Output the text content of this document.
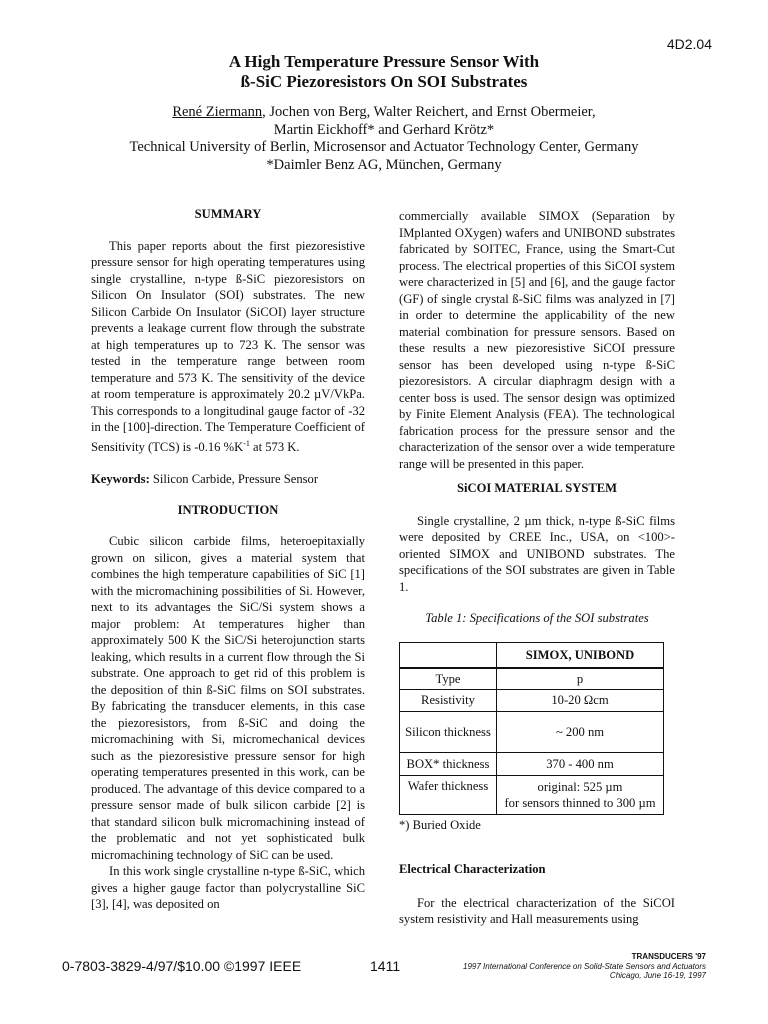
4D2.04
A High Temperature Pressure Sensor With
ß-SiC Piezoresistors On SOI Substrates
René Ziermann, Jochen von Berg, Walter Reichert, and Ernst Obermeier,
Martin Eickhoff* and Gerhard Krötz*
Technical University of Berlin, Microsensor and Actuator Technology Center, Germany
*Daimler Benz AG, München, Germany

SUMMARY

This paper reports about the first piezoresistive pressure sensor for high operating temperatures using single crystalline, n-type ß-SiC piezoresistors on Silicon On Insulator (SOI) substrates. The new Silicon Carbide On Insulator (SiCOI) layer structure prevents a leakage current flow through the substrate at high temperatures up to 723 K. The sensor was tested in the temperature range between room temperature and 573 K. The sensitivity of the device at room temperature is approximately 20.2 µV/VkPa. This corresponds to a longitudinal gauge factor of -32 in the [100]-direction. The Temperature Coefficient of Sensitivity (TCS) is -0.16 $\%K^{-1}$ at 573 K.

Keywords: Silicon Carbide, Pressure Sensor

INTRODUCTION

Cubic silicon carbide films, heteroepitaxially grown on silicon, gives a material system that combines the high temperature capabilities of SiC [1] with the micromachining possibilities of Si. However, next to its advantages the SiC/Si system shows a major problem: At temperatures higher than approximately 500 K the SiC/Si heterojunction starts leaking, which results in a current flow through the Si substrate. One approach to get rid of this problem is the deposition of thin ß-SiC films on SOI substrates. By fabricating the transducer elements, in this case the piezoresistors, from ß-SiC and doing the micromachining with Si, micromechanical devices such as the piezoresistive pressure sensor for high operating temperatures presented in this work, can be produced. The advantage of this device compared to a pressure sensor made of bulk silicon carbide [2] is that standard silicon bulk micromachining instead of the problematic and not yet sophisticated bulk micromachining technology of SiC can be used.

In this work single crystalline n-type ß-SiC, which gives a higher gauge factor than polycrystalline SiC [3], [4], was deposited on

commercially available SIMOX (Separation by IMplanted OXygen) wafers and UNIBOND substrates fabricated by SOITEC, France, using the Smart-Cut process. The electrical properties of this SiCOI system were characterized in [5] and [6], and the gauge factor (GF) of single crystal ß-SiC films was analyzed in [7] in order to determine the applicability of the new material combination for pressure sensors. Based on these results a new piezoresistive SiCOI pressure sensor has been developed using n-type ß-SiC piezoresistors. A circular diaphragm design with a center boss is used. The sensor design was optimized by Finite Element Analysis (FEA). The technological fabrication process for the pressure sensor and the characterization of the sensor over a wide temperature range will be presented in this paper.

SiCOI MATERIAL SYSTEM

Single crystalline, 2 µm thick, n-type ß-SiC films were deposited by CREE Inc., USA, on <100>-oriented SIMOX and UNIBOND substrates. The specifications of the SOI substrates are given in Table 1.

Table 1: Specifications of the SOI substrates

	SIMOX, UNIBOND
Type	p
Resistivity	10-20 Ωcm
Silicon thickness	~ 200 nm
BOX* thickness	370 - 400 nm
Wafer thickness	original: 525 µm
for sensors thinned to 300 µm

*) Buried Oxide

Electrical Characterization

For the electrical characterization of the SiCOI system resistivity and Hall measurements using

0-7803-3829-4/97/$10.00 ©1997 IEEE	1411
TRANSDUCERS '97
1997 International Conference on Solid-State Sensors and Actuators
Chicago, June 16-19, 1997
